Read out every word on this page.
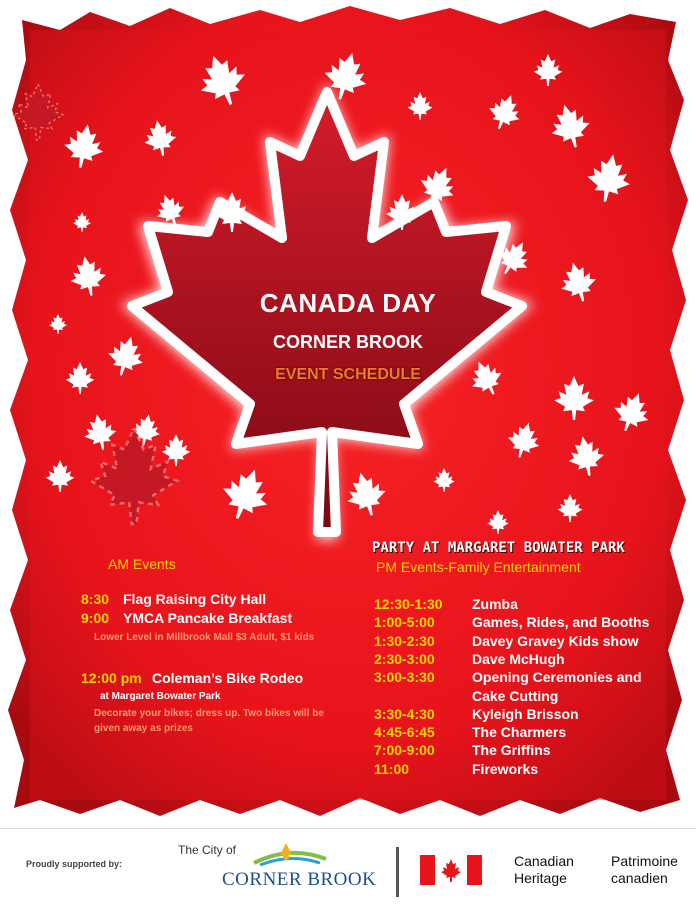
CANADA DAY
CORNER BROOK
EVENT SCHEDULE
AM Events
8:30 Flag Raising City Hall
9:00 YMCA Pancake Breakfast
Lower Level in Millbrook Mall $3 Adult, $1 kids
12:00 pm Coleman’s Bike Rodeo
at Margaret Bowater Park
Decorate your bikes; dress up. Two bikes will be
given away as prizes
PARTY AT MARGARET BOWATER PARK
PM Events-Family Entertainment
12:30-1:30 Zumba
1:00-5:00	Games, Rides, and Booths
1:30-2:30	Davey Gravey Kids show
2:30-3:00	Dave McHugh
3:00-3:30	Opening Ceremonies and
Cake Cutting
3:30-4:30	Kyleigh Brisson
4:45-6:45	The Charmers
7:00-9:00	The Griffins
11:00	Fireworks
Proudly supported by:
The City of
CORNER BROOK
Canadian
Heritage
Patrimoine
canadien
